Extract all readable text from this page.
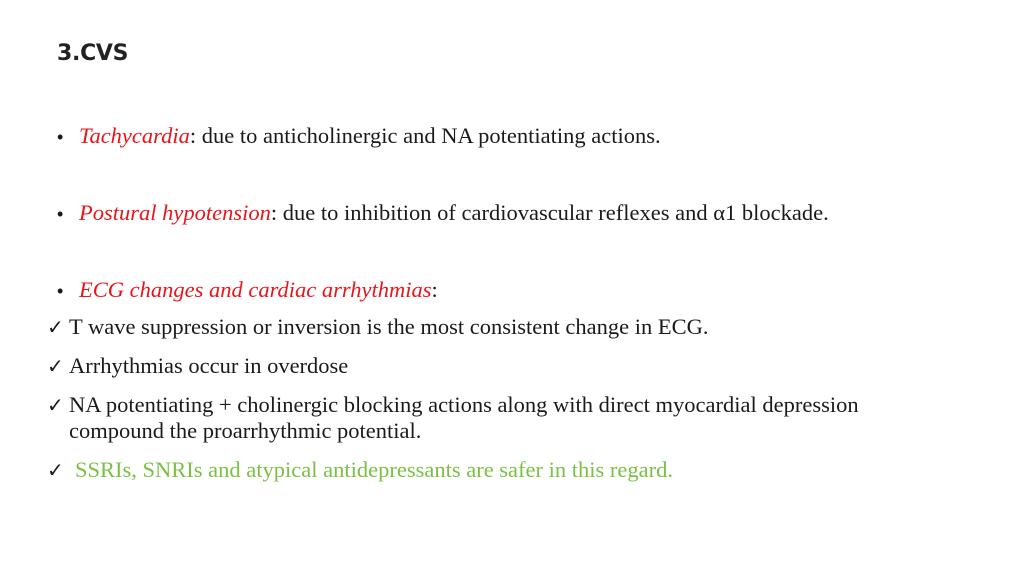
3.CVS
• Tachycardia: due to anticholinergic and NA potentiating actions.
• Postural hypotension: due to inhibition of cardiovascular reflexes and α1 blockade.
• ECG changes and cardiac arrhythmias:
✓ T wave suppression or inversion is the most consistent change in ECG.
✓ Arrhythmias occur in overdose
✓ NA potentiating + cholinergic blocking actions along with direct myocardial depression
compound the proarrhythmic potential.
✓ SSRIs, SNRIs and atypical antidepressants are safer in this regard.
